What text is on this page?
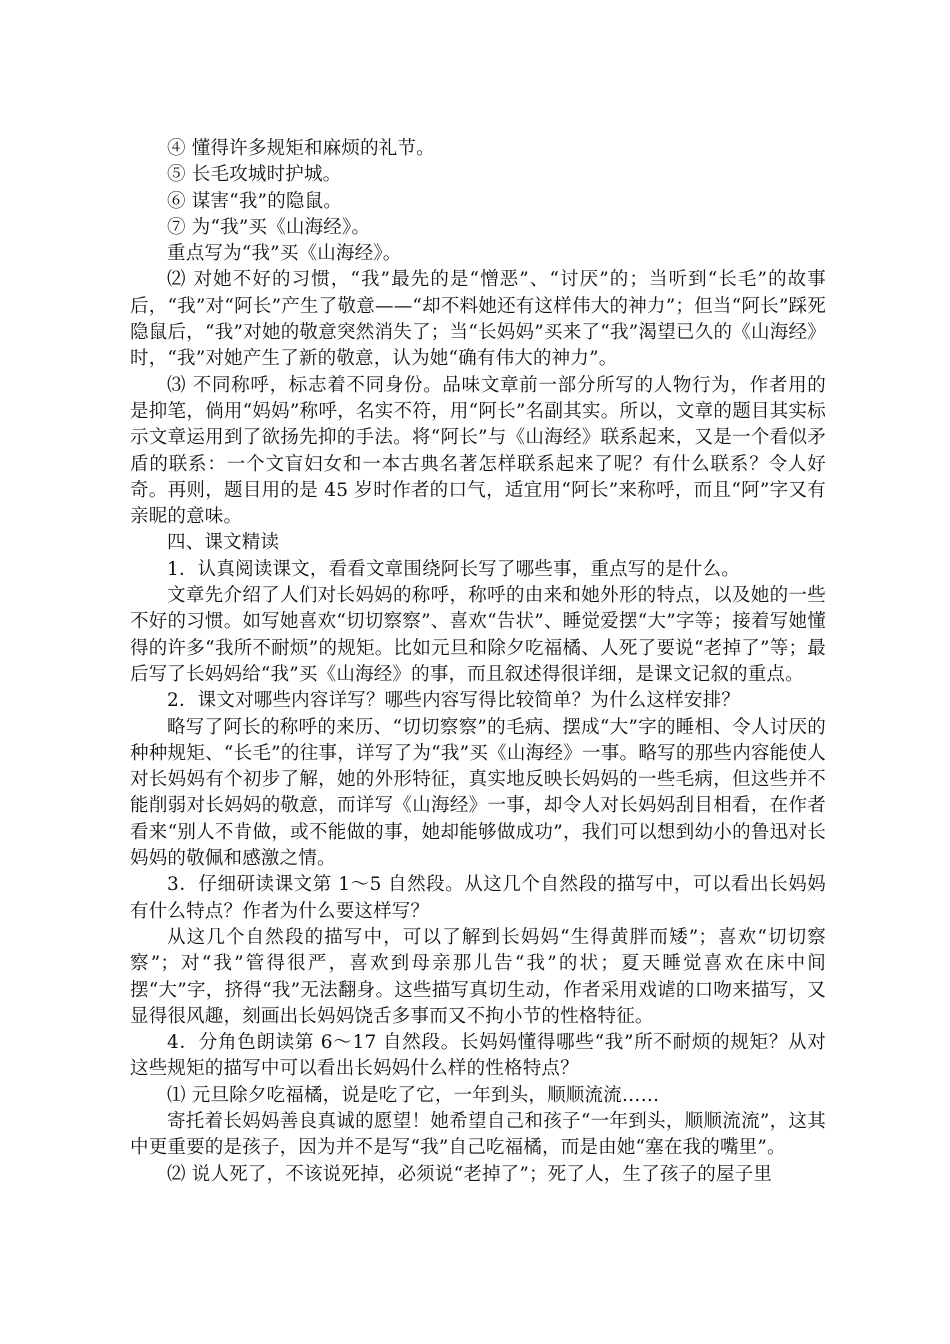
④ 懂得许多规矩和麻烦的礼节。

⑤ 长毛攻城时护城。

⑥ 谋害“我”的隐鼠。

⑦ 为“我”买《山海经》。

重点写为“我”买《山海经》。

⑵ 对她不好的习惯，“我”最先的是“憎恶”、“讨厌”的；当听到“长毛”的故事后，“我”对“阿长”产生了敬意——“却不料她还有这样伟大的神力”；但当“阿长”踩死隐鼠后，“我”对她的敬意突然消失了；当“长妈妈”买来了“我”渴望已久的《山海经》时，“我”对她产生了新的敬意，认为她“确有伟大的神力”。

⑶ 不同称呼，标志着不同身份。品味文章前一部分所写的人物行为，作者用的是抑笔，倘用“妈妈”称呼，名实不符，用“阿长”名副其实。所以，文章的题目其实标示文章运用到了欲扬先抑的手法。将“阿长”与《山海经》联系起来，又是一个看似矛盾的联系：一个文盲妇女和一本古典名著怎样联系起来了呢？有什么联系？令人好奇。再则，题目用的是 45 岁时作者的口气，适宜用“阿长”来称呼，而且“阿”字又有亲昵的意味。

四、课文精读

1．认真阅读课文，看看文章围绕阿长写了哪些事，重点写的是什么。

文章先介绍了人们对长妈妈的称呼，称呼的由来和她外形的特点，以及她的一些不好的习惯。如写她喜欢“切切察察”、喜欢“告状”、睡觉爱摆“大”字等；接着写她懂得的许多“我所不耐烦”的规矩。比如元旦和除夕吃福橘、人死了要说“老掉了”等；最后写了长妈妈给“我”买《山海经》的事，而且叙述得很详细，是课文记叙的重点。

2．课文对哪些内容详写？哪些内容写得比较简单？为什么这样安排？

略写了阿长的称呼的来历、“切切察察”的毛病、摆成“大”字的睡相、令人讨厌的种种规矩、“长毛”的往事，详写了为“我”买《山海经》一事。略写的那些内容能使人对长妈妈有个初步了解，她的外形特征，真实地反映长妈妈的一些毛病，但这些并不能削弱对长妈妈的敬意，而详写《山海经》一事，却令人对长妈妈刮目相看，在作者看来“别人不肯做，或不能做的事，她却能够做成功”，我们可以想到幼小的鲁迅对长妈妈的敬佩和感激之情。

3．仔细研读课文第 1～5 自然段。从这几个自然段的描写中，可以看出长妈妈有什么特点？作者为什么要这样写？

从这几个自然段的描写中，可以了解到长妈妈“生得黄胖而矮”；喜欢“切切察察”；对“我”管得很严，喜欢到母亲那儿告“我”的状；夏天睡觉喜欢在床中间摆“大”字，挤得“我”无法翻身。这些描写真切生动，作者采用戏谑的口吻来描写，又显得很风趣，刻画出长妈妈饶舌多事而又不拘小节的性格特征。

4．分角色朗读第 6～17 自然段。长妈妈懂得哪些“我”所不耐烦的规矩？从对这些规矩的描写中可以看出长妈妈什么样的性格特点？

⑴ 元旦除夕吃福橘，说是吃了它，一年到头，顺顺流流……

寄托着长妈妈善良真诚的愿望！她希望自己和孩子“一年到头，顺顺流流”，这其中更重要的是孩子，因为并不是写“我”自己吃福橘，而是由她“塞在我的嘴里”。

⑵ 说人死了，不该说死掉，必须说“老掉了”；死了人，生了孩子的屋子里
